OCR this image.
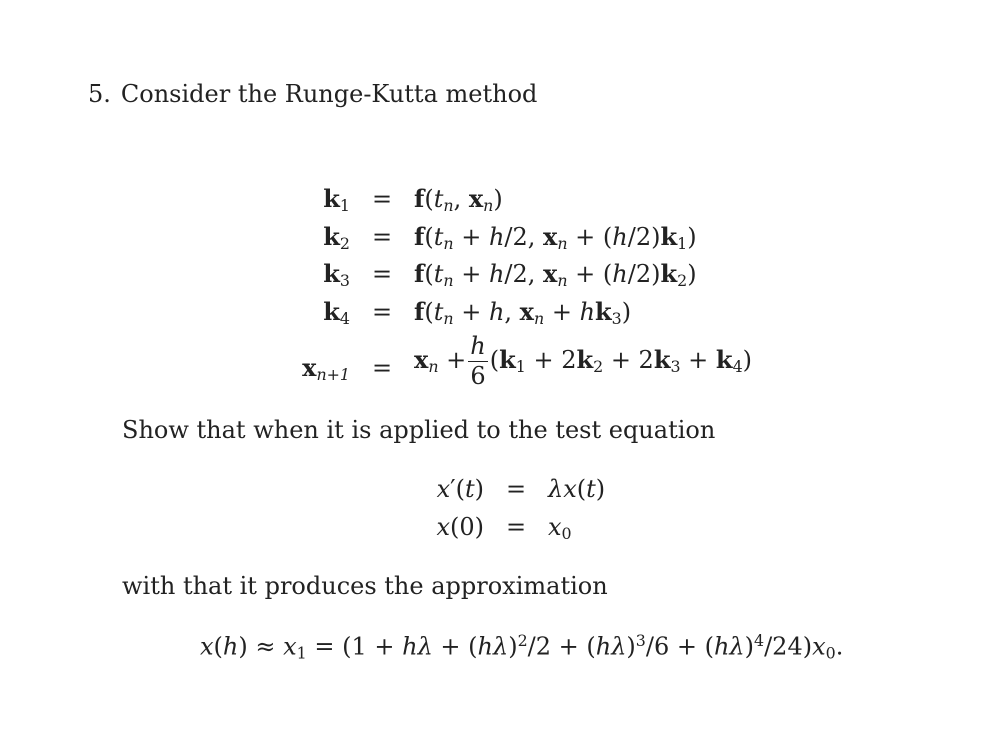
5. Consider the Runge-Kutta method
$k_1 = f(t_n$, $x_n$)
$k_2 = f(t_n + h/2$, $x_n + (h/2)k_1$)
$k_3 = f(t_n + h/2$, $x_n + (h/2)k_2$)
$k_4 = f(t_n + h$, $x_n + hk_3$)
$x_{n+1} = x_n + \frac{h}{6} (k_1 + 2k_2 + 2k_3 + k_4)$
Show that when it is applied to the test equation
x′(t) = λx(t)
$x(0) = x_0$
with that it produces the approximation
$x(h) \approx x_1 = (1 + h\lambda + (h\lambda)^2/2 + (h\lambda)^3/6 + (h\lambda)^4/24)x_0$.
